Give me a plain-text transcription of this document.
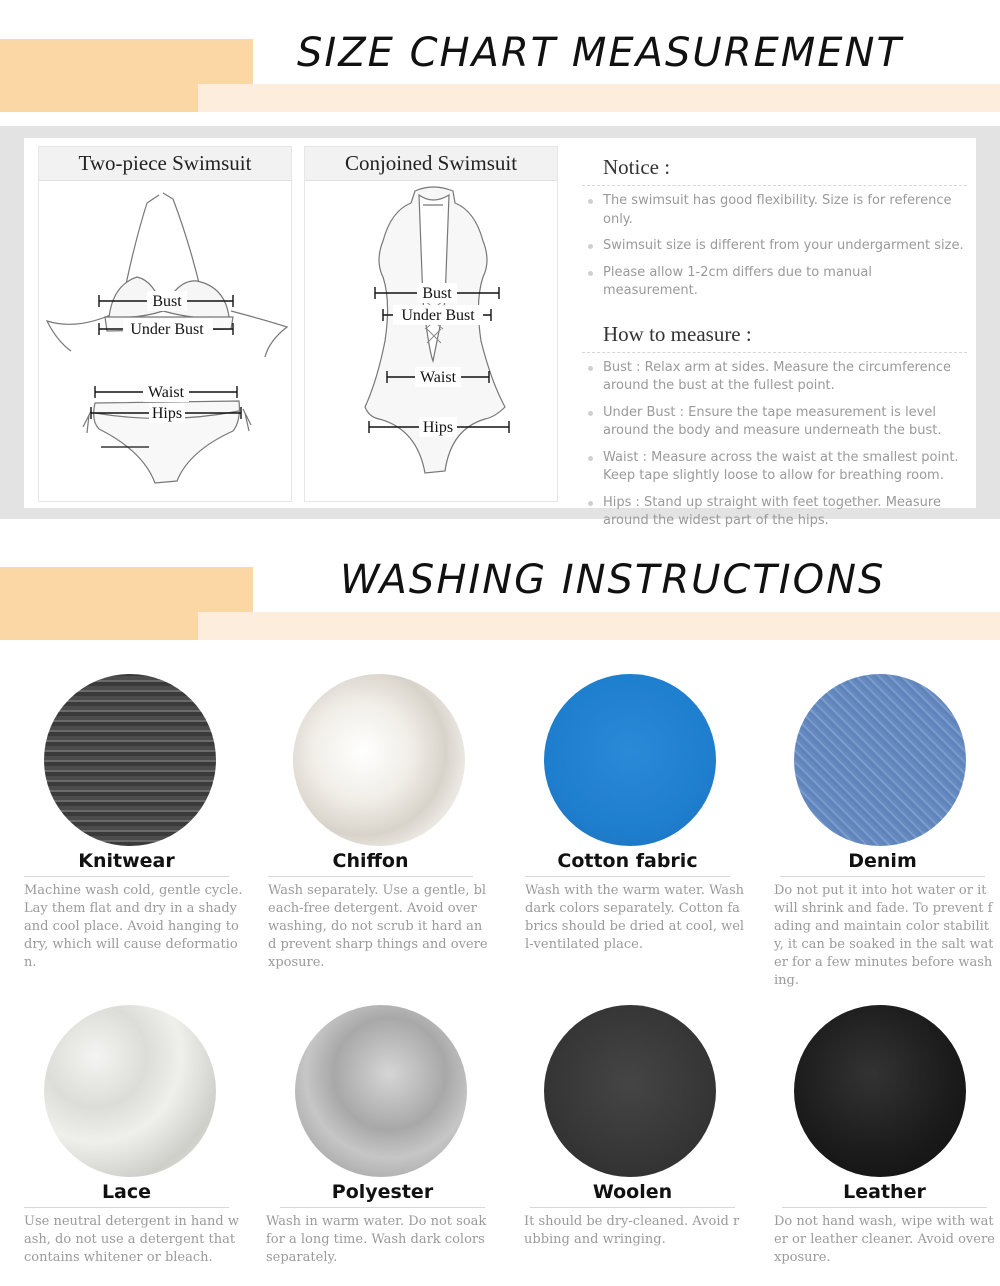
SIZE CHART MEASUREMENT
Two-piece Swimsuit
Bust
Under Bust
Waist
Hips
Conjoined Swimsuit
Bust
Under Bust
Waist
Hips
Notice :
The swimsuit has good flexibility. Size is for reference only.
Swimsuit size is different from your undergarment size.
Please allow 1-2cm differs due to manual measurement.
How to measure :
Bust : Relax arm at sides. Measure the circumference around the bust at the fullest point.
Under Bust : Ensure the tape measurement is level around the body and measure underneath the bust.
Waist : Measure across the waist at the smallest point. Keep tape slightly loose to allow for breathing room.
Hips : Stand up straight with feet together. Measure around the widest part of the hips.
WASHING INSTRUCTIONS
Knitwear
Machine wash cold, gentle cycle. Lay them flat and dry in a shady and cool place. Avoid hanging to dry, which will cause deformation.
Chiffon
Wash separately. Use a gentle, bleach-free detergent. Avoid over washing, do not scrub it hard and prevent sharp things and overexposure.
Cotton fabric
Wash with the warm water. Wash dark colors separately. Cotton fabrics should be dried at cool, well-ventilated place.
Denim
Do not put it into hot water or it will shrink and fade. To prevent fading and maintain color stability, it can be soaked in the salt water for a few minutes before washing.
Lace
Use neutral detergent in hand wash, do not use a detergent that contains whitener or bleach.
Polyester
Wash in warm water. Do not soak for a long time. Wash dark colors separately.
Woolen
It should be dry-cleaned. Avoid rubbing and wringing.
Leather
Do not hand wash, wipe with water or leather cleaner. Avoid overexposure.
